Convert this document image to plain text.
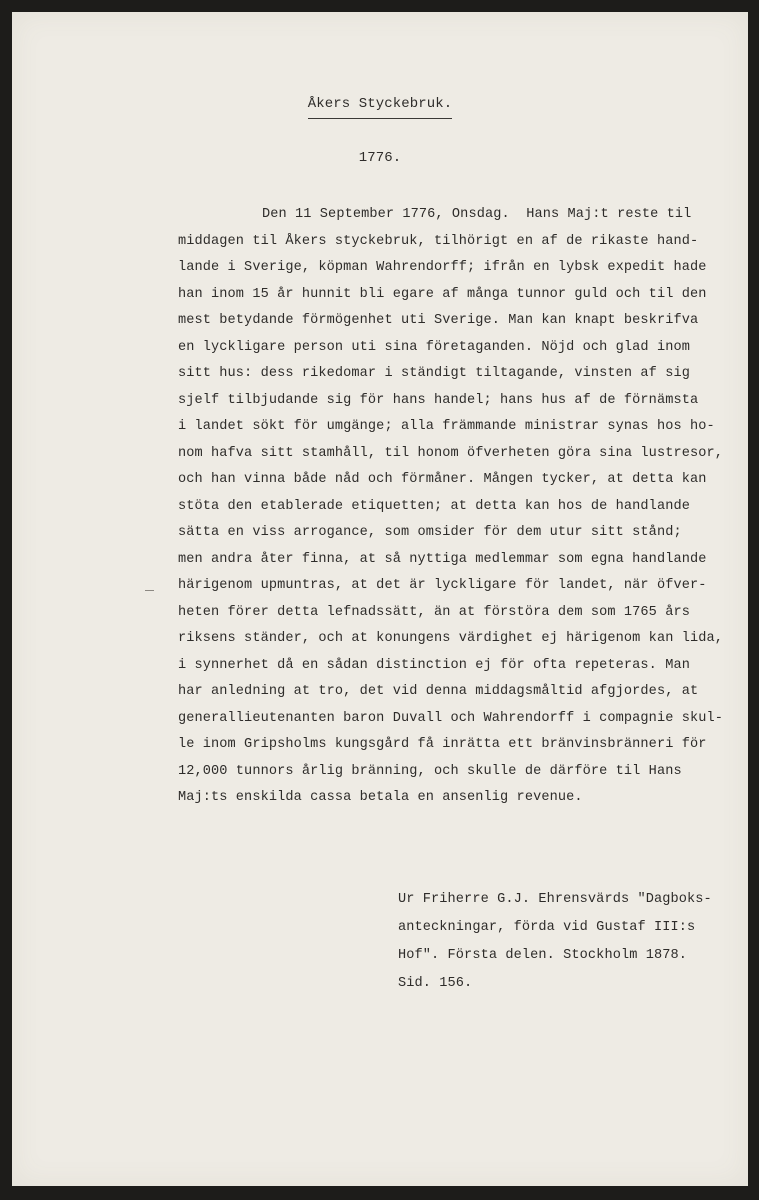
Åkers Styckebruk.
1776.
Den 11 September 1776, Onsdag.  Hans Maj:t reste til
middagen til Åkers styckebruk, tilhörigt en af de rikaste hand-
lande i Sverige, köpman Wahrendorff; ifrån en lybsk expedit hade
han inom 15 år hunnit bli egare af många tunnor guld och til den
mest betydande förmögenhet uti Sverige. Man kan knapt beskrifva
en lyckligare person uti sina företaganden. Nöjd och glad inom
sitt hus: dess rikedomar i ständigt tiltagande, vinsten af sig
sjelf tilbjudande sig för hans handel; hans hus af de förnämsta
i landet sökt för umgänge; alla främmande ministrar synas hos ho-
nom hafva sitt stamhåll, til honom öfverheten göra sina lustresor,
och han vinna både nåd och förmåner. Mången tycker, at detta kan
stöta den etablerade etiquetten; at detta kan hos de handlande
sätta en viss arrogance, som omsider för dem utur sitt stånd;
men andra åter finna, at så nyttiga medlemmar som egna handlande
härigenom upmuntras, at det är lyckligare för landet, när öfver-
heten förer detta lefnadssätt, än at förstöra dem som 1765 års
riksens ständer, och at konungens värdighet ej härigenom kan lida,
i synnerhet då en sådan distinction ej för ofta repeteras. Man
har anledning at tro, det vid denna middagsmåltid afgjordes, at
generallieutenanten baron Duvall och Wahrendorff i compagnie skul-
le inom Gripsholms kungsgård få inrätta ett bränvinsbränneri för
12,000 tunnors årlig bränning, och skulle de därföre til Hans
Maj:ts enskilda cassa betala en ansenlig revenue.
Ur Friherre G.J. Ehrensvärds "Dagboks-
anteckningar, förda vid Gustaf III:s
Hof". Första delen. Stockholm 1878.
Sid. 156.
